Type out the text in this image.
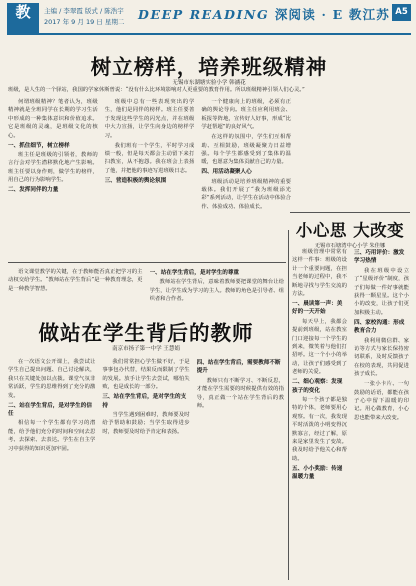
教	主编 / 李翠霞 版式 / 陈浩宇
2017 年 9 月 19 日 星期二 DEEP READING 深阅读 · E 教江苏 A5
树立榜样，培养班级精神
无锡市东湖塘实验小学 韩涵花
班级，是人生的一个驿站，我国的学家休斯曾说：“没有什么比环境影响对人更重要的教育作用。所以班级精神引领人们心灵。”

何谓班级精神？笔者认为，班级精神就是全班同学在长期的学习生活中形成的一种集体意识和价值追求。它是班级的灵魂，是班级文化的核心。

一、抓住细节，树立榜样

班主任是班级的引领者，教师的言行会对学生潜移默化地产生影响。班主任要以身作则，做学生的榜样，用自己的行为影响学生。

二、发挥同伴的力量

班级中总有一些表现突出的学生，他们是同伴的榜样。班主任要善于发现这些学生的闪光点，并在班级中大力宣扬，让学生向身边的榜样学习。

我们班有一个学生，平时学习成绩一般，但是每天都会主动留下来打扫教室，从不抱怨。我在班会上表扬了他，并把他的事迹写进班级日志。

三、营造积极的舆论氛围

一个健康向上的班级，必须有正确的舆论导向。班主任应利用班会、板报等阵地，宣传好人好事，形成“比学赶帮超”的良好风气。

在这样的氛围中，学生们互相帮助、互相鼓励，班级凝聚力日益增强。每个学生都感受到了集体的温暖，也愿意为集体贡献自己的力量。

四、用活动凝聚人心

班级活动是培养班级精神的重要载体。我们开展了“我为班级添光彩”系列活动，让学生在活动中体验合作、体验成功、体验成长。

小心思 大改变
无锡市石塘湾中心小学 朱佳娜

班级管理中常常有这样一件事：班级的设计一个重要问题，在担当老师的过程中，我不断地寻找与学生交流的方法。

一、晨读第一声：美好的一天开始

每天早上，我都会提前到班级，站在教室门口迎接每一个学生的到来，微笑着与他们打招呼。这一个小小的举动，让孩子们感受到了老师的关爱。

二、细心观察：发现孩子的变化

每一个孩子都是独特的个体，老师要用心观察。有一次，我发现平时活泼的小明变得沉默寡言，经过了解，原来是家里发生了变故。我及时给予他关心和帮助。

五、小小奖励：传递温暖力量
三、巧用评价：激发学习热情

我在班级中设立了“星级评价”制度，孩子们每做一件好事就能获得一颗星星。这个小小的改变，让孩子们更加积极主动。

四、家校沟通：形成教育合力

我利用微信群、家访等方式与家长保持密切联系，及时反馈孩子在校的表现，共同促进孩子成长。

一张小卡片、一句鼓励的话语，都能在孩子心中留下温暖的印记。用心做教育，小心思也能带来大改变。

语文课堂教学的关键，在于教师能否真正把学习的主动权交给学生。“教师站在学生背后”是一种教育理念，更是一种教学智慧。

一、站在学生背后，是对学生的尊重

教师站在学生背后，意味着教师要把课堂的舞台让给学生，让学生成为学习的主人。教师的角色是引导者、组织者和合作者。

做站在学生背后的教师
南京市扬子第一中学 王慧娟

在一次语文公开课上，我尝试让学生自己提出问题、自己讨论解决，我只在关键处加以点拨。课堂气氛非常活跃，学生的思维得到了充分的激发。

二、站在学生背后，是对学生的信任

相信每一个学生都有学习的潜能，给予他们充分的时间和空间去思考、去探索、去表达。学生在自主学习中获得的知识更加牢固。

我们常常担心学生做不好，于是事事包办代替，结果反而限制了学生的发展。放手让学生去尝试，哪怕失败，也是成长的一部分。

三、站在学生背后，是对学生的支持

当学生遇到困难时，教师要及时给予帮助和鼓励；当学生取得进步时，教师要及时给予肯定和表扬。

四、站在学生背后，需要教师不断提升

教师只有不断学习、不断反思，才能在学生需要的时候提供有效的指导，真正做一个站在学生背后的教师。
